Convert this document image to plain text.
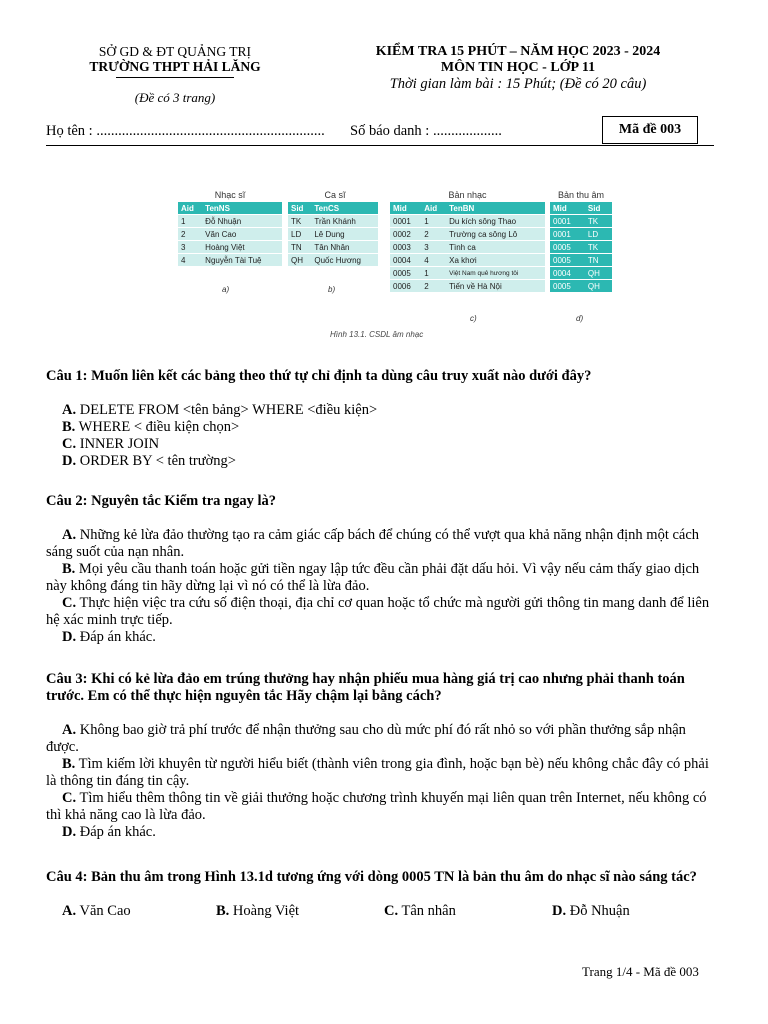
SỞ GD & ĐT QUẢNG TRỊ
TRƯỜNG THPT HẢI LĂNG
(Đề có 3 trang)
KIỂM TRA 15 PHÚT – NĂM HỌC 2023 - 2024
MÔN TIN HỌC - LỚP 11
Thời gian làm bài : 15 Phút; (Đề có 20 câu)
Họ tên : ............................................................... Số báo danh : ...................	Mã đề 003
Nhạc sĩ
Aid	TenNS
1	Đỗ Nhuận
2	Văn Cao
3	Hoàng Việt
4	Nguyễn Tài Tuệ
a)
Ca sĩ
Sid	TenCS
TK	Trần Khánh
LD	Lê Dung
TN	Tân Nhân
QH	Quốc Hương
b)
Bản nhạc
Mid	Aid	TenBN
0001	1	Du kích sông Thao
0002	2	Trường ca sông Lô
0003	3	Tình ca
0004	4	Xa khơi
0005	1	Việt Nam quê hương tôi
0006	2	Tiến về Hà Nội
c)
Bản thu âm
Mid	Sid
0001	TK
0001	LD
0005	TK
0005	TN
0004	QH
0005	QH
d)
Hình 13.1. CSDL âm nhạc
Câu 1: Muốn liên kết các bảng theo thứ tự chỉ định ta dùng câu truy xuất nào dưới đây?
A. DELETE FROM <tên bảng> WHERE <điều kiện>
B. WHERE < điều kiện chọn>
C. INNER JOIN
D. ORDER BY < tên trường>
Câu 2: Nguyên tắc Kiểm tra ngay là?
A. Những kẻ lừa đảo thường tạo ra cảm giác cấp bách để chúng có thể vượt qua khả năng nhận định một cách sáng suốt của nạn nhân.
B. Mọi yêu cầu thanh toán hoặc gửi tiền ngay lập tức đều cần phải đặt dấu hỏi. Vì vậy nếu cảm thấy giao dịch này không đáng tin hãy dừng lại vì nó có thể là lừa đảo.
C. Thực hiện việc tra cứu số điện thoại, địa chỉ cơ quan hoặc tổ chức mà người gửi thông tin mang danh để liên hệ xác minh trực tiếp.
D. Đáp án khác.
Câu 3: Khi có kẻ lừa đảo em trúng thưởng hay nhận phiếu mua hàng giá trị cao nhưng phải thanh toán trước. Em có thể thực hiện nguyên tắc Hãy chậm lại bằng cách?
A. Không bao giờ trả phí trước để nhận thưởng sau cho dù mức phí đó rất nhỏ so với phần thưởng sắp nhận được.
B. Tìm kiếm lời khuyên từ người hiểu biết (thành viên trong gia đình, hoặc bạn bè) nếu không chắc đây có phải là thông tin đáng tin cậy.
C. Tìm hiểu thêm thông tin về giải thưởng hoặc chương trình khuyến mại liên quan trên Internet, nếu không có thì khả năng cao là lừa đảo.
D. Đáp án khác.
Câu 4: Bản thu âm trong Hình 13.1d tương ứng với dòng 0005 TN là bản thu âm do nhạc sĩ nào sáng tác?
A. Văn Cao	B. Hoàng Việt	C. Tân nhân	D. Đỗ Nhuận
Trang 1/4 - Mã đề 003
